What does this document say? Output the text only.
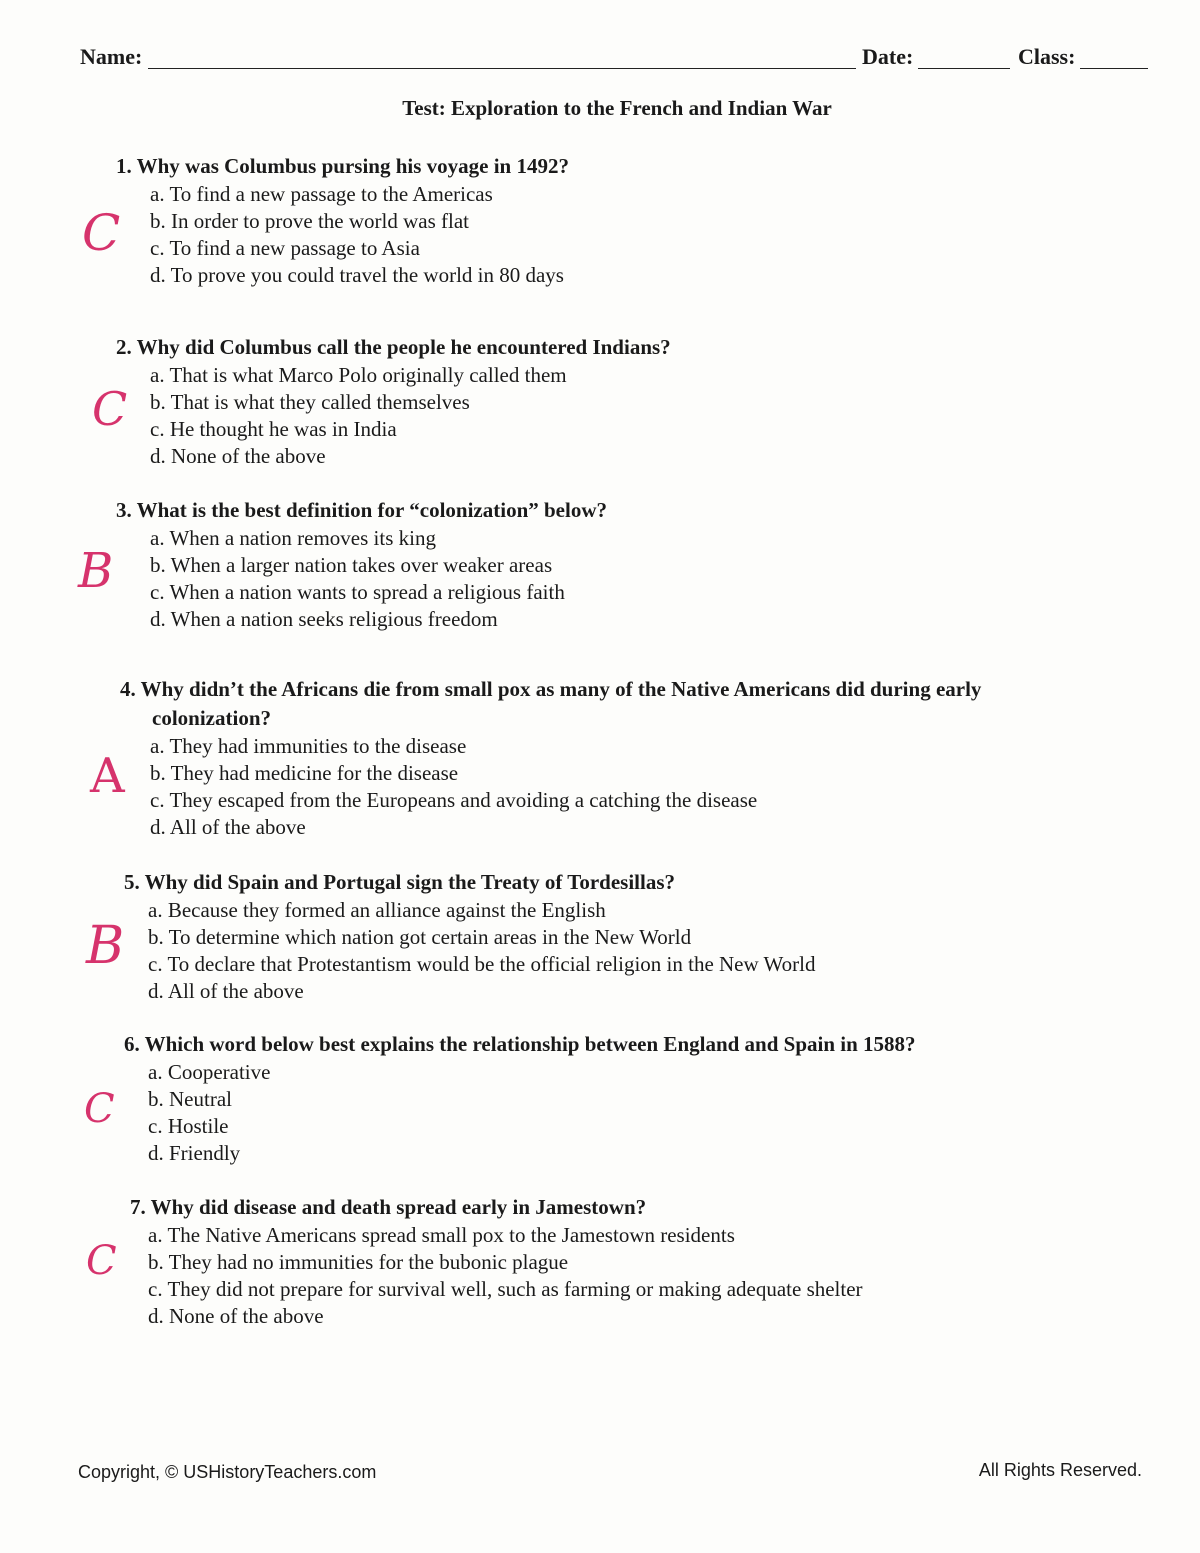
Name:	Date:	Class:
Test: Exploration to the French and Indian War
1. Why was Columbus pursing his voyage in 1492?
a. To find a new passage to the Americas
b. In order to prove the world was flat
c. To find a new passage to Asia
d. To prove you could travel the world in 80 days
C
2. Why did Columbus call the people he encountered Indians?
a. That is what Marco Polo originally called them
b. That is what they called themselves
c. He thought he was in India
d. None of the above
C
3. What is the best definition for “colonization” below?
a. When a nation removes its king
b. When a larger nation takes over weaker areas
c. When a nation wants to spread a religious faith
d. When a nation seeks religious freedom
B
4. Why didn’t the Africans die from small pox as many of the Native Americans did during early
colonization?
a. They had immunities to the disease
b. They had medicine for the disease
c. They escaped from the Europeans and avoiding a catching the disease
d. All of the above
A
5. Why did Spain and Portugal sign the Treaty of Tordesillas?
a. Because they formed an alliance against the English
b. To determine which nation got certain areas in the New World
c. To declare that Protestantism would be the official religion in the New World
d. All of the above
B
6. Which word below best explains the relationship between England and Spain in 1588?
a. Cooperative
b. Neutral
c. Hostile
d. Friendly
C
7. Why did disease and death spread early in Jamestown?
a. The Native Americans spread small pox to the Jamestown residents
b. They had no immunities for the bubonic plague
c. They did not prepare for survival well, such as farming or making adequate shelter
d. None of the above
C
Copyright, © USHistoryTeachers.com	All Rights Reserved.
